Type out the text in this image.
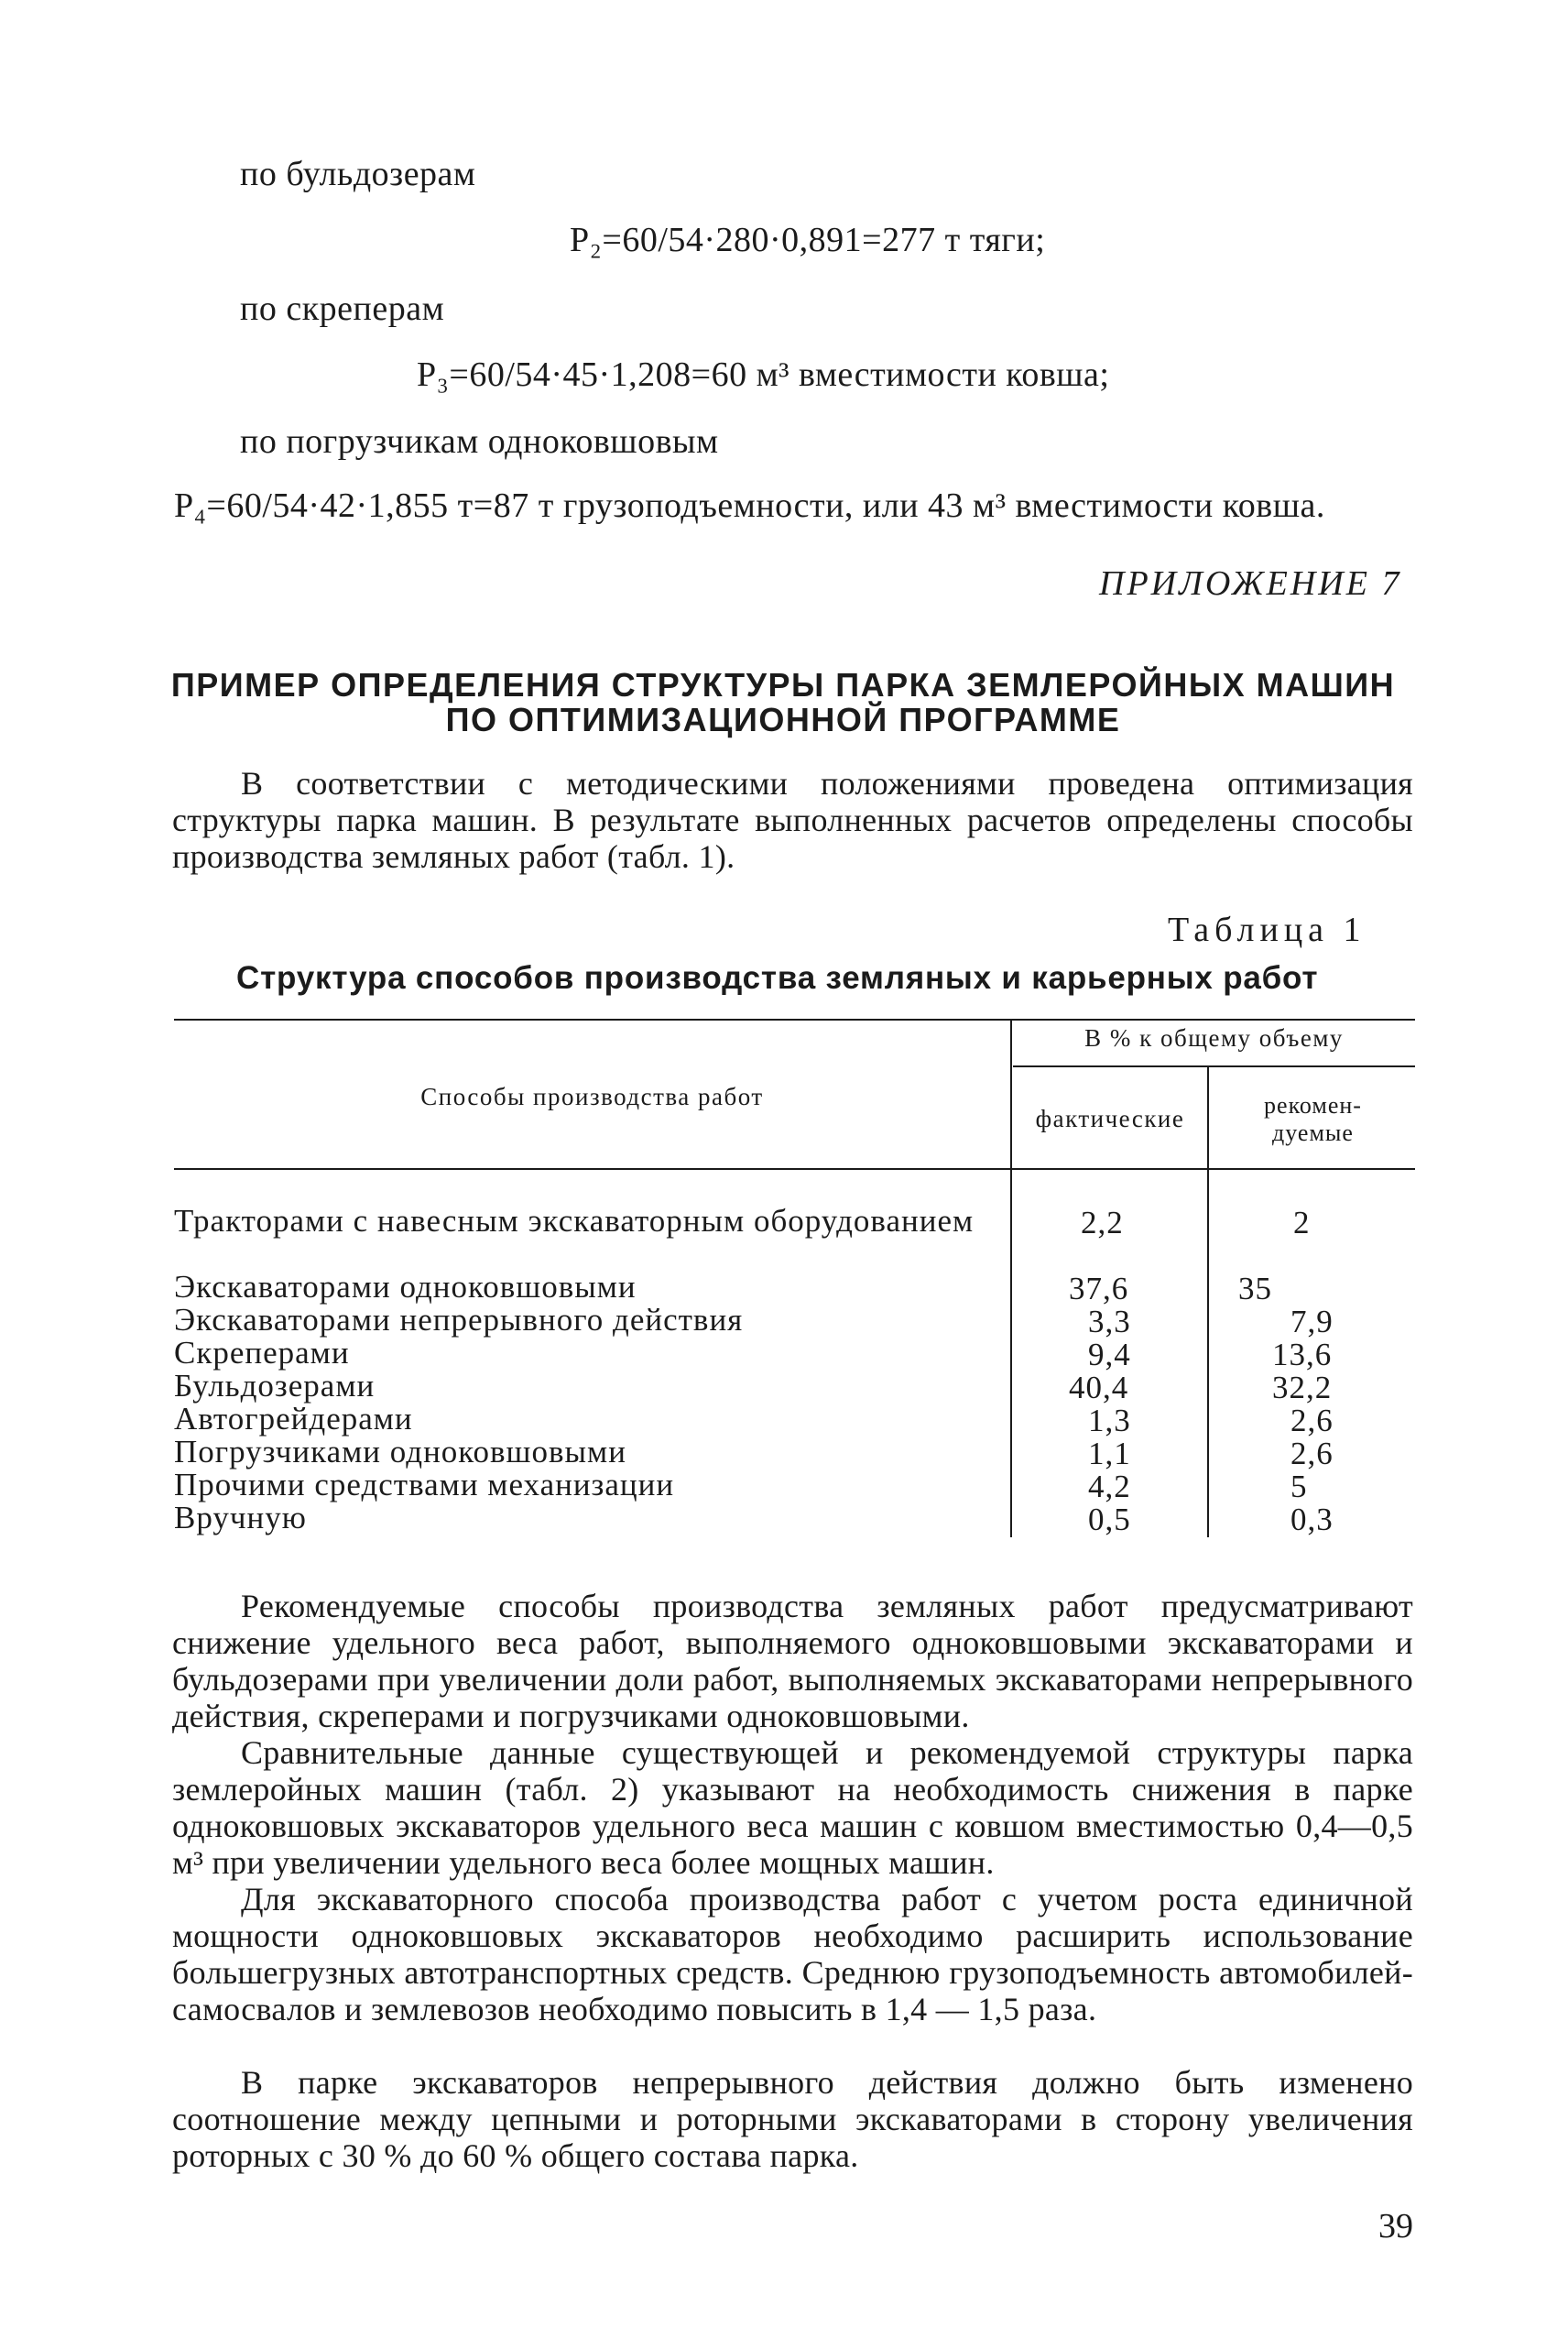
по бульдозерам
P₂=60/54·280·0,891=277 т тяги;
по скреперам
P₃=60/54·45·1,208=60 м³ вместимости ковша;
по погрузчикам одноковшовым
P₄=60/54·42·1,855 т=87 т грузоподъемности, или 43 м³ вместимости ковша.
ПРИЛОЖЕНИЕ 7
ПРИМЕР ОПРЕДЕЛЕНИЯ СТРУКТУРЫ ПАРКА ЗЕМЛЕРОЙНЫХ МАШИН
ПО ОПТИМИЗАЦИОННОЙ ПРОГРАММЕ
В соответствии с методическими положениями проведена оптимизация структуры парка машин. В результате выполненных расчетов определены способы производства земляных работ (табл. 1).
Таблица 1
Структура способов производства земляных и карьерных работ
Способы производства работ
В % к общему объему
фактические	рекомен-
дуемые
Тракторами с навесным экскаваторным оборудованием	2,2	2
Экскаваторами одноковшовыми	37,6	35
Экскаваторами непрерывного действия	3,3	7,9
Скреперами	9,4	13,6
Бульдозерами	40,4	32,2
Автогрейдерами	1,3	2,6
Погрузчиками одноковшовыми	1,1	2,6
Прочими средствами механизации	4,2	5
Вручную	0,5	0,3
Рекомендуемые способы производства земляных работ предусматривают снижение удельного веса работ, выполняемого одноковшовыми экскаваторами и бульдозерами при увеличении доли работ, выполняемых экскаваторами непрерывного действия, скреперами и погрузчиками одноковшовыми.
Сравнительные данные существующей и рекомендуемой структуры парка землеройных машин (табл. 2) указывают на необходимость снижения в парке одноковшовых экскаваторов удельного веса машин с ковшом вместимостью 0,4—0,5 м³ при увеличении удельного веса более мощных машин.
Для экскаваторного способа производства работ с учетом роста единичной мощности одноковшовых экскаваторов необходимо расширить использование большегрузных автотранспортных средств. Среднюю грузоподъемность автомобилей-самосвалов и землевозов необходимо повысить в 1,4 — 1,5 раза.
В парке экскаваторов непрерывного действия должно быть изменено соотношение между цепными и роторными экскаваторами в сторону увеличения роторных с 30 % до 60 % общего состава парка.
39
